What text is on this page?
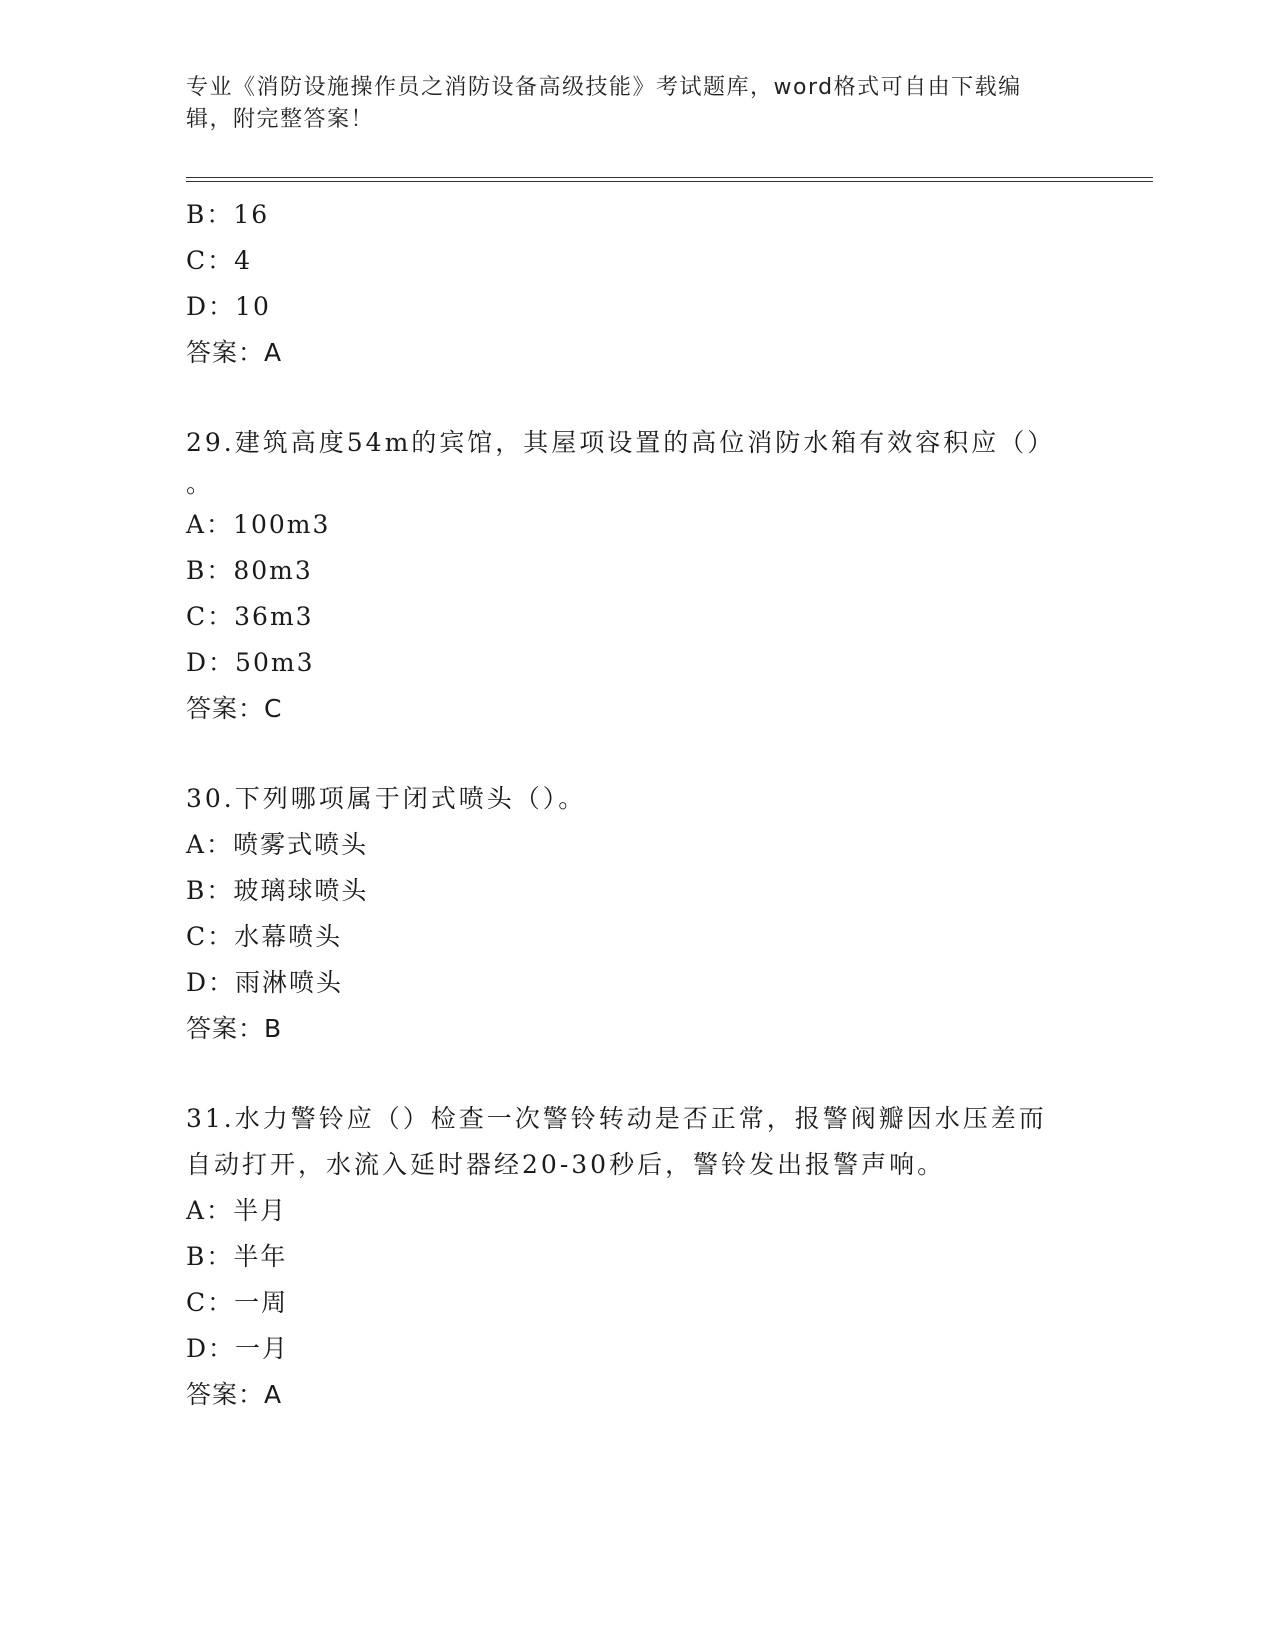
专业《消防设施操作员之消防设备高级技能》考试题库，word格式可自由下载编
辑，附完整答案！
B：16
C：4
D：10
答案：A
29.建筑高度54m的宾馆，其屋项设置的高位消防水箱有效容积应（）
。
A：100m3
B：80m3
C：36m3
D：50m3
答案：C
30.下列哪项属于闭式喷头（）。
A：喷雾式喷头
B：玻璃球喷头
C：水幕喷头
D：雨淋喷头
答案：B
31.水力警铃应（）检查一次警铃转动是否正常，报警阀瓣因水压差而
自动打开，水流入延时器经20-30秒后，警铃发出报警声响。
A：半月
B：半年
C：一周
D：一月
答案：A
